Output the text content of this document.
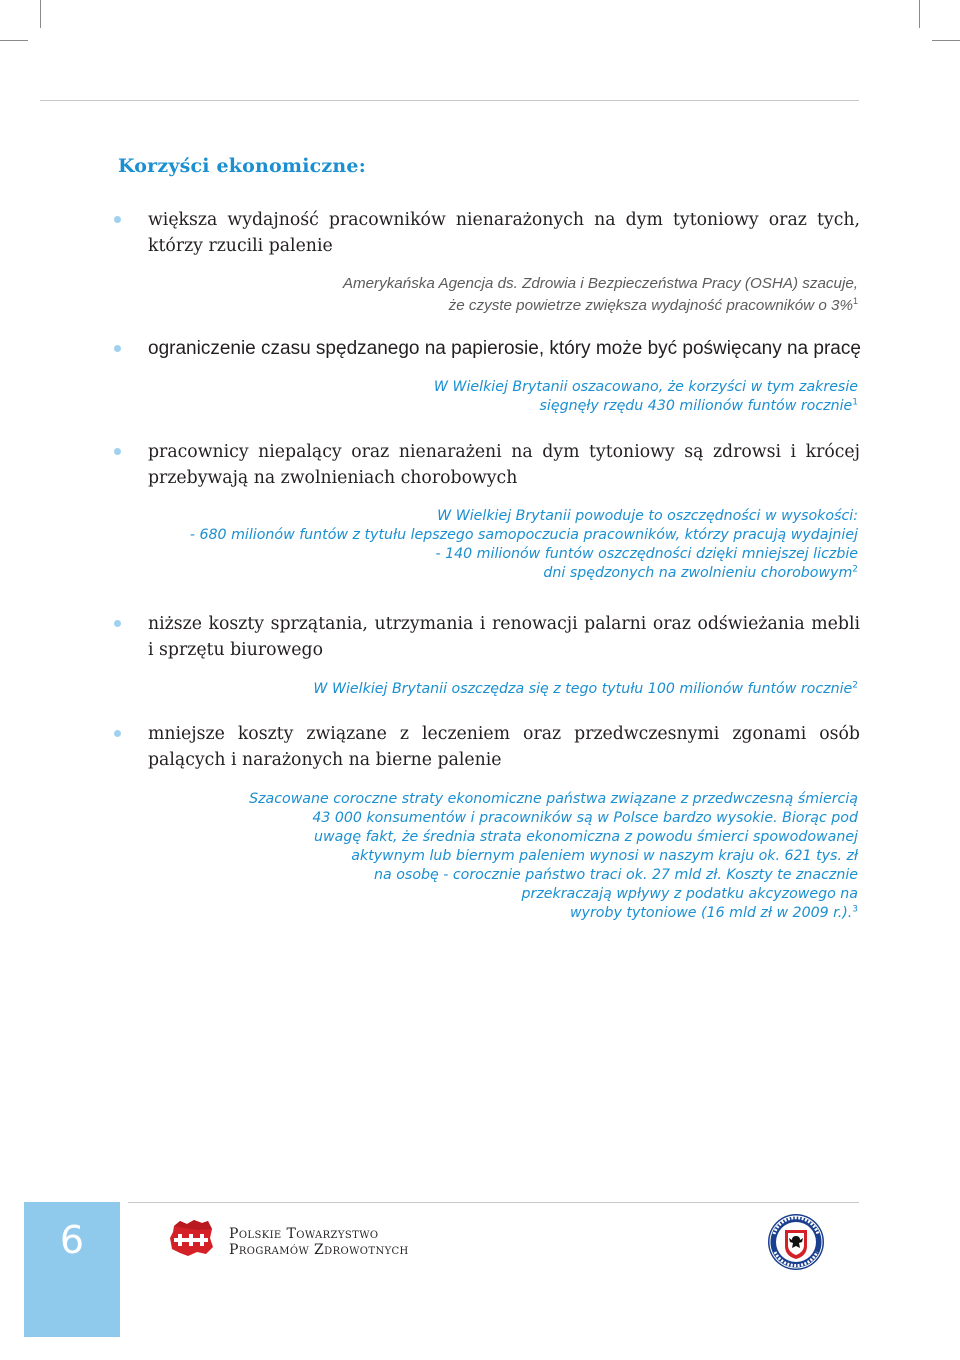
Korzyści ekonomiczne:
większa wydajność pracowników nienarażonych na dym tytoniowy oraz tych, którzy rzucili palenie
Amerykańska Agencja ds. Zdrowia i Bezpieczeństwa Pracy (OSHA) szacuje,
że czyste powietrze zwiększa wydajność pracowników o 3%$^1$
ograniczenie czasu spędzanego na papierosie, który może być poświęcany na pracę
W Wielkiej Brytanii oszacowano, że korzyści w tym zakresie
sięgnęły rzędu 430 milionów funtów rocznie$^1$
pracownicy niepalący oraz nienarażeni na dym tytoniowy są zdrowsi i krócej przebywają na zwolnieniach chorobowych
W Wielkiej Brytanii powoduje to oszczędności w wysokości:
- 680 milionów funtów z tytułu lepszego samopoczucia pracowników, którzy pracują wydajniej
- 140 milionów funtów oszczędności dzięki mniejszej liczbie
dni spędzonych na zwolnieniu chorobowym$^2$
niższe koszty sprzątania, utrzymania i renowacji palarni oraz odświeżania mebli i sprzętu biurowego
W Wielkiej Brytanii oszczędza się z tego tytułu 100 milionów funtów rocznie$^2$
mniejsze koszty związane z leczeniem oraz przedwczesnymi zgonami osób palących i narażonych na bierne palenie
Szacowane coroczne straty ekonomiczne państwa związane z przedwczesną śmiercią
43 000 konsumentów i pracowników są w Polsce bardzo wysokie. Biorąc pod
uwagę fakt, że średnia strata ekonomiczna z powodu śmierci spowodowanej
aktywnym lub biernym paleniem wynosi w naszym kraju ok. 621 tys. zł
na osobę - corocznie państwo traci ok. 27 mld zł. Koszty te znacznie
przekraczają wpływy z podatku akcyzowego na
wyroby tytoniowe (16 mld zł w 2009 r.).$^3$
6	Polskie Towarzystwo
Programów Zdrowotnych
